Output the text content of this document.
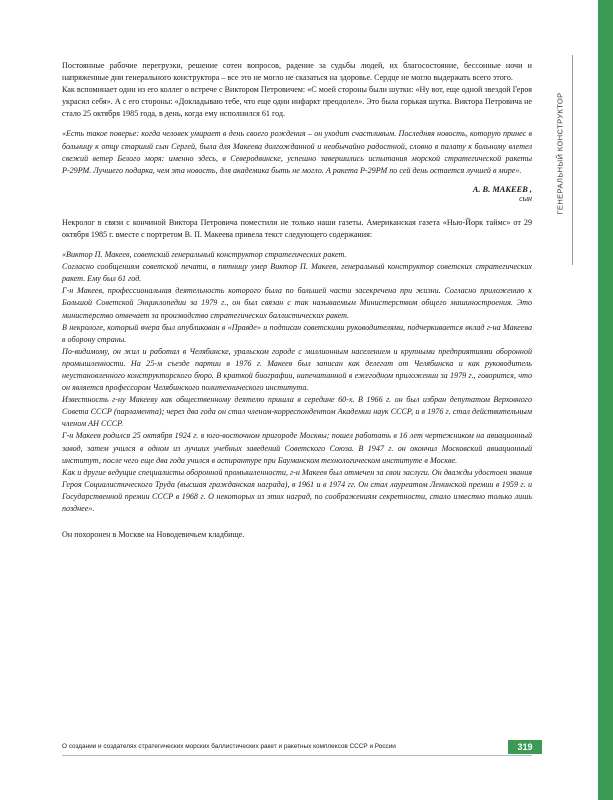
ГЕНЕРАЛЬНЫЙ КОНСТРУКТОР

Постоянные рабочие перегрузки, решение сотен вопросов, радение за судьбы людей, их благосостояние, бессонные ночи и напряженные дни генерального конструктора – все это не могло не сказаться на здоровье. Сердце не могло выдержать всего этого.

Как вспоминает один из его коллег о встрече с Виктором Петровичем: «С моей стороны были шутки: «Ну вот, еще одной звездой Героя украсил себя». А с его стороны: «Докладываю тебе, что еще один инфаркт преодолел». Это была горькая шутка. Виктора Петровича не стало 25 октября 1985 года, в день, когда ему исполнился 61 год.

«Есть такое поверье: когда человек умирает в день своего рождения – он уходит счастливым. Последняя новость, которую принес в больницу к отцу старший сын Сергей, была для Макеева долгожданной и необычайно радостной, словно в палату к больному влетел свежий ветер Белого моря: именно здесь, в Северодвинске, успешно завершились испытания морской стратегической ракеты Р-29РМ. Лучшего подарка, чем эта новость, для академика быть не могло. А ракета Р-29РМ по сей день остается лучшей в мире».

А. В. МАКЕЕВ ,
сын

Некролог в связи с кончиной Виктора Петровича поместили не только наши газеты. Американская газета «Нью-Йорк таймс» от 29 октября 1985 г. вместе с портретом В. П. Макеева привела текст следующего содержания:

«Виктор П. Макеев, советский генеральный конструктор стратегических ракет.

Согласно сообщениям советской печати, в пятницу умер Виктор П. Макеев, генеральный конструктор советских стратегических ракет. Ему был 61 год.

Г-н Макеев, профессиональная деятельность которого была по большей части засекречена при жизни. Согласно приложению к Большой Советской Энциклопедии за 1979 г., он был связан с так называемым Министерством общего машиностроения. Это министерство отвечает за производство стратегических баллистических ракет.

В некрологе, который вчера был опубликован в «Правде» и подписан советскими руководителями, подчеркивается вклад г-на Макеева в оборону страны.

По-видимому, он жил и работал в Челябинске, уральском городе с миллионным населением и крупными предприятиями оборонной промышленности. На 25-м съезде партии в 1976 г. Макеев был записан как делегат от Челябинска и как руководитель неустановленного конструкторского бюро. В краткой биографии, напечатанной в ежегодном приложении за 1979 г., говорится, что он является профессором Челябинского политехнического института.

Известность г-ну Макееву как общественному деятелю пришла в середине 60-х. В 1966 г. он был избран депутатом Верховного Совета СССР (парламента); через два года он стал членом-корреспондентом Академии наук СССР, и в 1976 г. стал действительным членом АН СССР.

Г-н Макеев родился 25 октября 1924 г. в юго-восточном пригороде Москвы; пошел работать в 16 лет чертежником на авиационный завод, затем учился в одном из лучших учебных заведений Советского Союза. В 1947 г. он окончил Московский авиационный институт, после чего еще два года учился в аспирантуре при Бауманском технологическом институте в Москве.

Как и другие ведущие специалисты оборонной промышленности, г-н Макеев был отмечен за свои заслуги. Он дважды удостоен звания Героя Социалистического Труда (высшая гражданская награда), в 1961 и в 1974 гг. Он стал лауреатом Ленинской премии в 1959 г. и Государственной премии СССР в 1968 г. О некоторых из этих наград, по соображениям секретности, стало известно только лишь позднее».

Он похоронен в Москве на Новодевичьем кладбище.

О создании и создателях стратегических морских баллистических ракет и ракетных комплексов СССР и России	319
